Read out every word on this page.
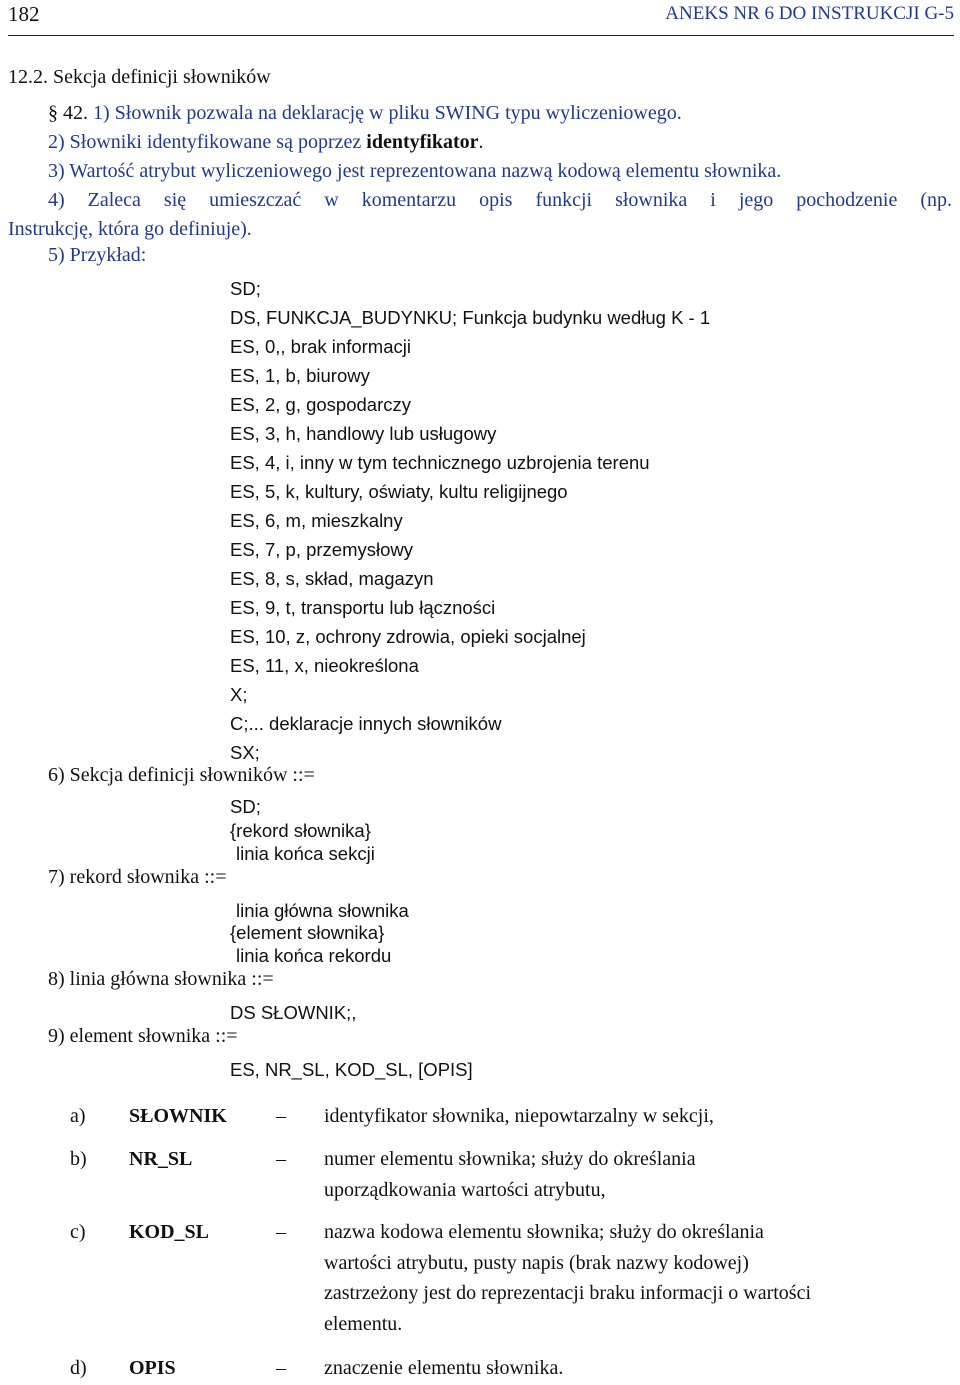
182	ANEKS NR 6 DO INSTRUKCJI G-5
12.2. Sekcja definicji słowników
§ 42. 1) Słownik pozwala na deklarację w pliku SWING typu wyliczeniowego.
2) Słowniki identyfikowane są poprzez identyfikator.
3) Wartość atrybut wyliczeniowego jest reprezentowana nazwą kodową elementu słownika.
4) Zaleca się umieszczać w komentarzu opis funkcji słownika i jego pochodzenie (np.
Instrukcję, która go definiuje).
5) Przykład:
SD;
DS, FUNKCJA_BUDYNKU; Funkcja budynku według K - 1
ES, 0,, brak informacji
ES, 1, b, biurowy
ES, 2, g, gospodarczy
ES, 3, h, handlowy lub usługowy
ES, 4, i, inny w tym technicznego uzbrojenia terenu
ES, 5, k, kultury, oświaty, kultu religijnego
ES, 6, m, mieszkalny
ES, 7, p, przemysłowy
ES, 8, s, skład, magazyn
ES, 9, t, transportu lub łączności
ES, 10, z, ochrony zdrowia, opieki socjalnej
ES, 11, x, nieokreślona
X;
C;... deklaracje innych słowników
SX;
6) Sekcja definicji słowników ::=
SD;
{rekord słownika}
linia końca sekcji
7) rekord słownika ::=
linia główna słownika
{element słownika}
linia końca rekordu
8) linia główna słownika ::=
DS SŁOWNIK;,
9) element słownika ::=
ES, NR_SL, KOD_SL, [OPIS]
a) SŁOWNIK – identyfikator słownika, niepowtarzalny w sekcji,
b) NR_SL	– numer elementu słownika; służy do określania
uporządkowania wartości atrybutu,
c) KOD_SL	– nazwa kodowa elementu słownika; służy do określania
wartości atrybutu, pusty napis (brak nazwy kodowej)
zastrzeżony jest do reprezentacji braku informacji o wartości
elementu.
d) OPIS	– znaczenie elementu słownika.
